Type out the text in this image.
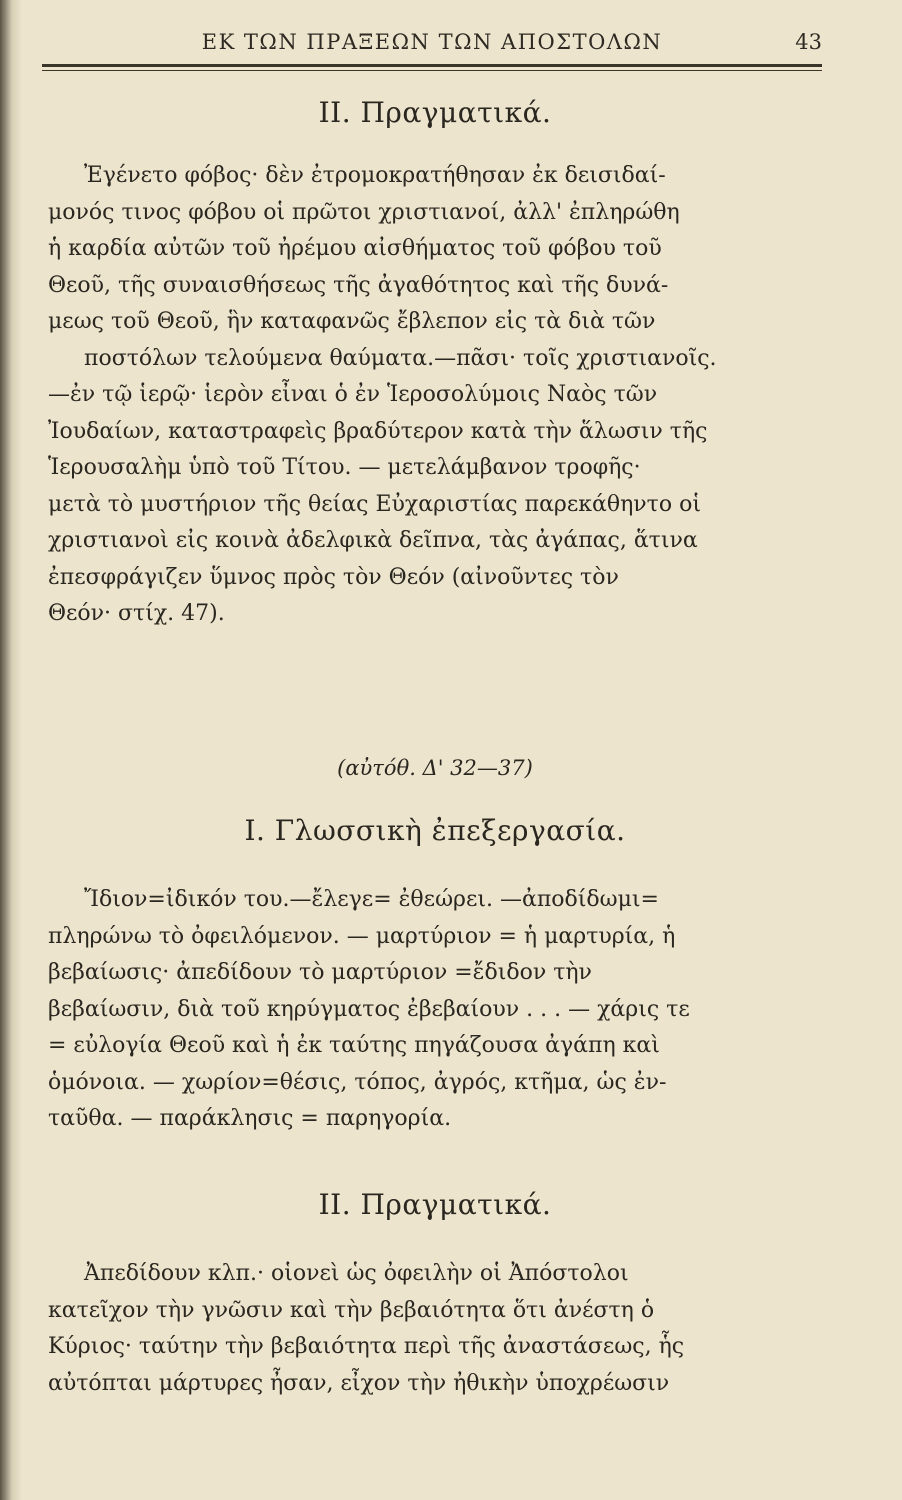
ΕΚ ΤΩΝ ΠΡΑΞΕΩΝ ΤΩΝ ΑΠΟΣΤΟΛΩΝ	43
ΙΙ. Πραγματικά.
Ἐγένετο φόβος· δὲν ἐτρομοκρατήθησαν ἐκ δεισιδαί-
μονός τινος φόβου οἱ πρῶτοι χριστιανοί, ἀλλ' ἐπληρώθη
ἡ καρδία αὐτῶν τοῦ ἠρέμου αἰσθήματος τοῦ φόβου τοῦ
Θεοῦ, τῆς συναισθήσεως τῆς ἀγαθότητος καὶ τῆς δυνά-
μεως τοῦ Θεοῦ, ἣν καταφανῶς ἔβλεπον εἰς τὰ διὰ τῶν
ποστόλων τελούμενα θαύματα.—πᾶσι· τοῖς χριστιανοῖς.
—ἐν τῷ ἱερῷ· ἱερὸν εἶναι ὁ ἐν Ἱεροσολύμοις Ναὸς τῶν
Ἰουδαίων, καταστραφεὶς βραδύτερον κατὰ τὴν ἅλωσιν τῆς
Ἱερουσαλὴμ ὑπὸ τοῦ Τίτου. — μετελάμβανον τροφῆς·
μετὰ τὸ μυστήριον τῆς θείας Εὐχαριστίας παρεκάθηντο οἱ
χριστιανοὶ εἰς κοινὰ ἀδελφικὰ δεῖπνα, τὰς ἀγάπας, ἅτινα
ἐπεσφράγιζεν ὕμνος πρὸς τὸν Θεόν (αἰνοῦντες τὸν
Θεόν· στίχ. 47).
(αὐτόθ. Δ' 32—37)
Ι. Γλωσσικὴ ἐπεξεργασία.
Ἴδιον=ἰδικόν του.—ἔλεγε= ἐθεώρει. —ἀποδίδωμι=
πληρώνω τὸ ὀφειλόμενον. — μαρτύριον = ἡ μαρτυρία, ἡ
βεβαίωσις· ἀπεδίδουν τὸ μαρτύριον =ἔδιδον τὴν
βεβαίωσιν, διὰ τοῦ κηρύγματος ἐβεβαίουν . . . — χάρις τε
= εὐλογία Θεοῦ καὶ ἡ ἐκ ταύτης πηγάζουσα ἀγάπη καὶ
ὁμόνοια. — χωρίον=θέσις, τόπος, ἀγρός, κτῆμα, ὡς ἐν-
ταῦθα. — παράκλησις = παρηγορία.
ΙΙ. Πραγματικά.
Ἀπεδίδουν κλπ.· οἱονεὶ ὡς ὀφειλὴν οἱ Ἀπόστολοι
κατεῖχον τὴν γνῶσιν καὶ τὴν βεβαιότητα ὅτι ἀνέστη ὁ
Κύριος· ταύτην τὴν βεβαιότητα περὶ τῆς ἀναστάσεως, ἧς
αὐτόπται μάρτυρες ἦσαν, εἶχον τὴν ἠθικὴν ὑποχρέωσιν
